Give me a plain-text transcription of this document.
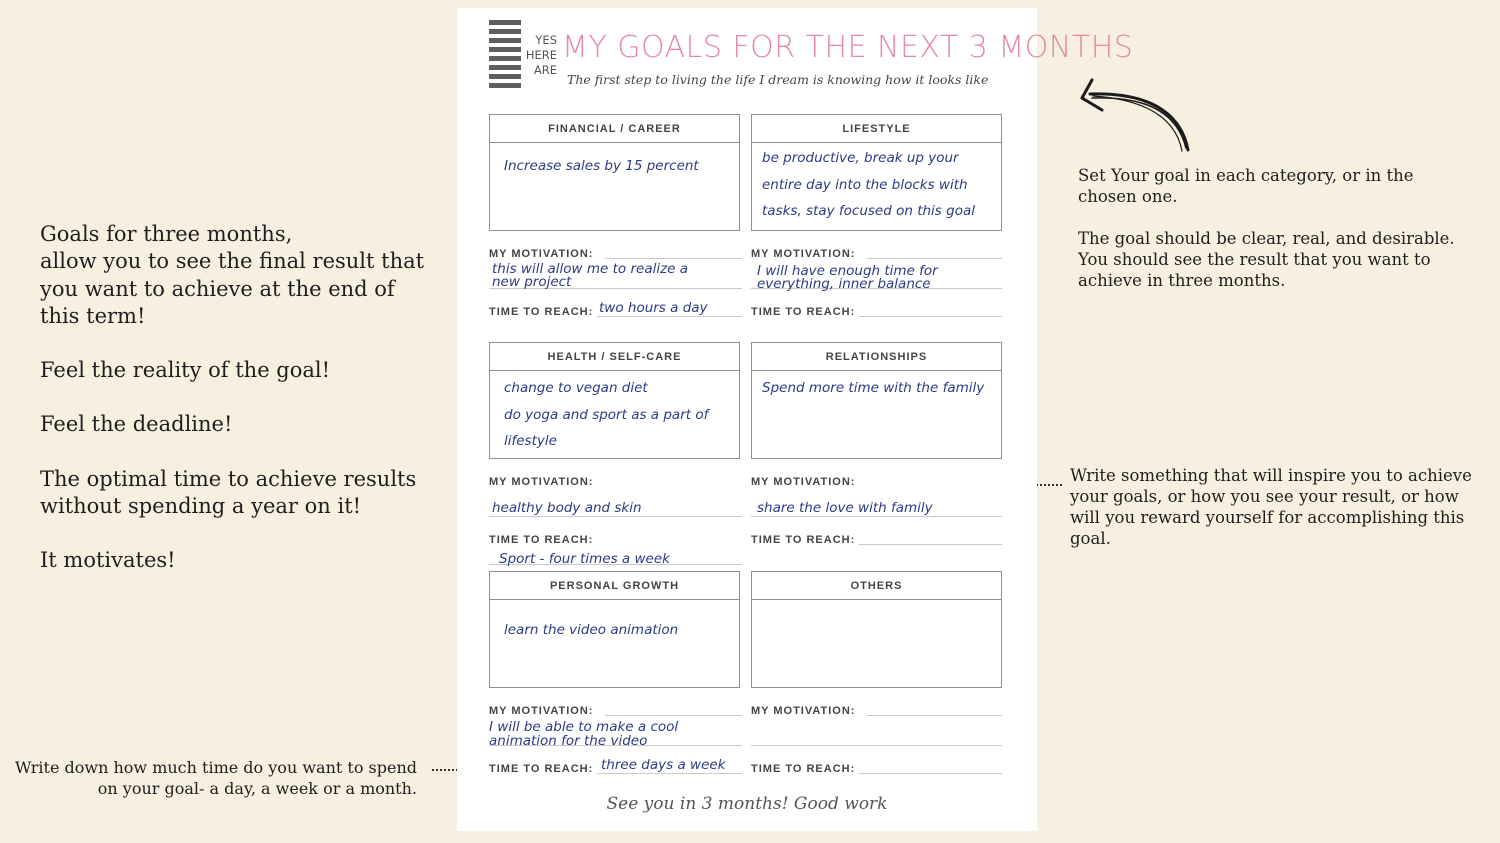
Goals for three months,
allow you to see the final result that you want to achieve at the end of this term!

Feel the reality of the goal!

Feel the deadline!

The optimal time to achieve results without spending a year on it!

It motivates!

Write down how much time do you want to spend on your goal- a day, a week or a month.

Set Your goal in each category, or in the chosen one.

The goal should be clear, real, and desirable. You should see the result that you want to achieve in three months.

Write something that will inspire you to achieve your goals, or how you see your result, or how will you reward yourself for accomplishing this goal.
YES
HERE
ARE
MY GOALS FOR THE NEXT 3 MONTHS
The first step to living the life I dream is knowing how it looks like
FINANCIAL / CAREER
Increase sales by 15 percent
LIFESTYLE
be productive, break up your
entire day into the blocks with
tasks, stay focused on this goal
MY MOTIVATION:
this will allow me to realize a
new project
MY MOTIVATION:
I will have enough time for
everything, inner balance
TIME TO REACH: two hours a day	TIME TO REACH:
HEALTH / SELF-CARE
change to vegan diet
do yoga and sport as a part of
lifestyle
RELATIONSHIPS
Spend more time with the family
MY MOTIVATION:
healthy body and skin
MY MOTIVATION:
share the love with family
TIME TO REACH:
Sport - four times a week
TIME TO REACH:
PERSONAL GROWTH
learn the video animation
OTHERS
MY MOTIVATION:
I will be able to make a cool
animation for the video
MY MOTIVATION:
TIME TO REACH: three days a week TIME TO REACH:
See you in 3 months! Good work
